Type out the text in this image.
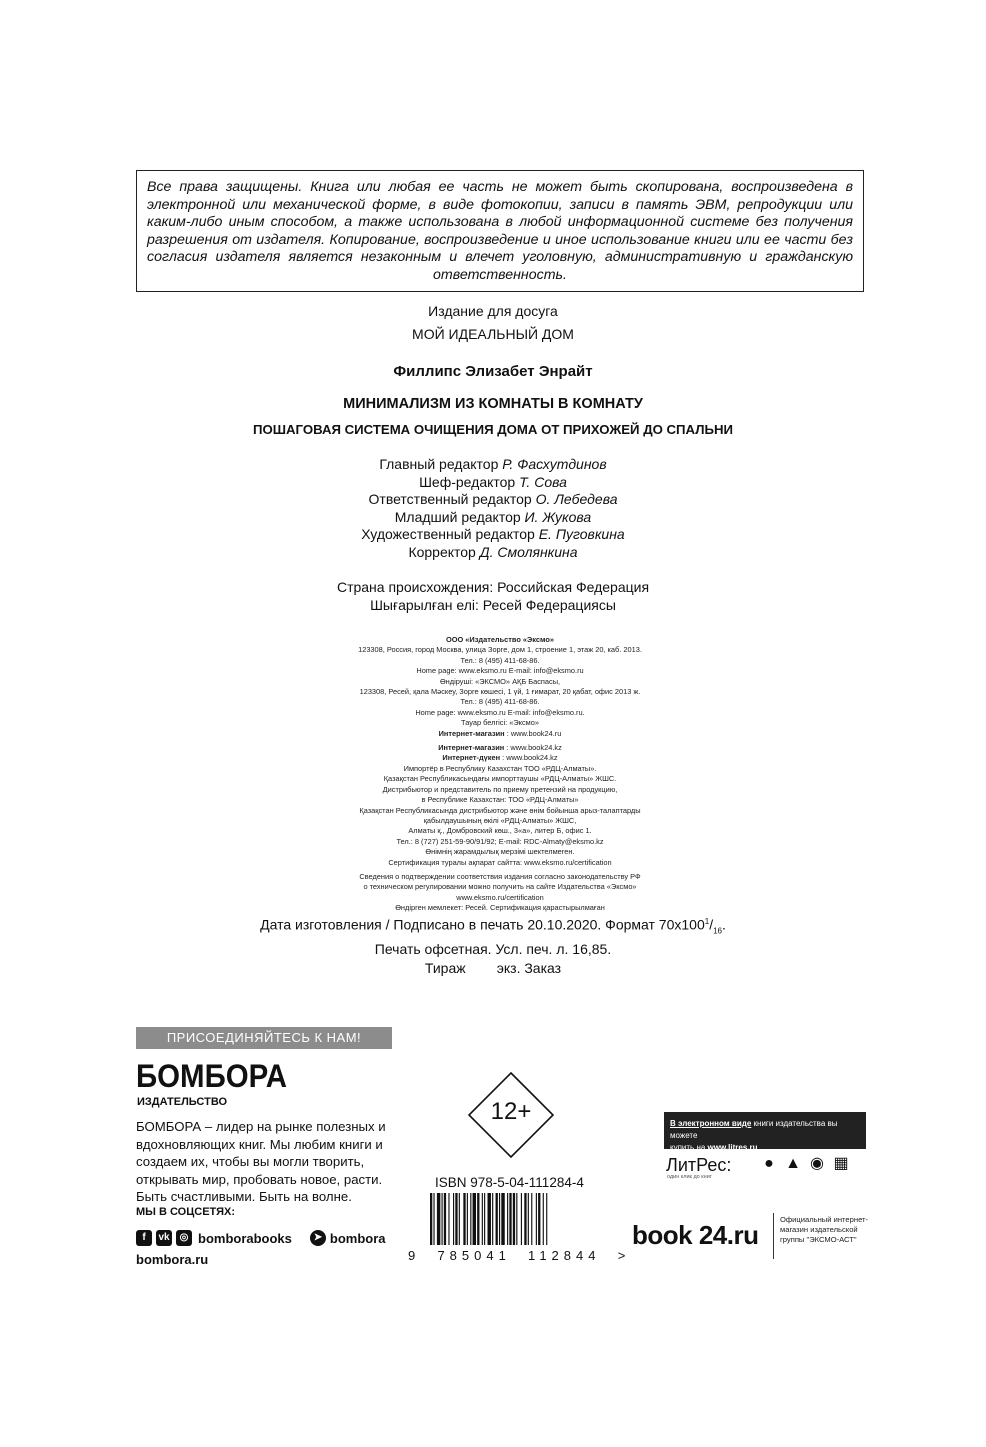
Все права защищены. Книга или любая ее часть не может быть скопирована, воспроизведена в электронной или механической форме, в виде фотокопии, записи в память ЭВМ, репродукции или каким-либо иным способом, а также использована в любой информационной системе без получения разрешения от издателя. Копирование, воспроизведение и иное использование книги или ее части без согласия издателя является незаконным и влечет уголовную, административную и гражданскую ответственность.
Издание для досуга
МОЙ ИДЕАЛЬНЫЙ ДОМ
Филлипс Элизабет Энрайт
МИНИМАЛИЗМ ИЗ КОМНАТЫ В КОМНАТУ
ПОШАГОВАЯ СИСТЕМА ОЧИЩЕНИЯ ДОМА ОТ ПРИХОЖЕЙ ДО СПАЛЬНИ
Главный редактор Р. Фасхутдинов
Шеф-редактор Т. Сова
Ответственный редактор О. Лебедева
Младший редактор И. Жукова
Художественный редактор Е. Пуговкина
Корректор Д. Смолянкина
Страна происхождения: Российская Федерация
Шығарылған елі: Ресей Федерациясы
ООО «Издательство «Эксмо»
123308, Россия, город Москва, улица Зорге, дом 1, строение 1, этаж 20, каб. 2013.
Тел.: 8 (495) 411-68-86.
Home page: www.eksmo.ru E-mail: info@eksmo.ru
Өндіруші: «ЭКСМО» АҚБ Баспасы,
123308, Ресей, қала Мәскеу, Зорге көшесі, 1 үй, 1 ғимарат, 20 қабат, офис 2013 ж.
Тел.: 8 (495) 411-68-86.
Home page: www.eksmo.ru E-mail: info@eksmo.ru.
Тауар белгісі: «Эксмо»
Интернет-магазин : www.book24.ru
Интернет-магазин : www.book24.kz
Интернет-дүкен : www.book24.kz
Импортёр в Республику Казахстан ТОО «РДЦ-Алматы».
Қазақстан Республикасындағы импорттаушы «РДЦ-Алматы» ЖШС.
Дистрибьютор и представитель по приему претензий на продукцию,
в Республике Казахстан: ТОО «РДЦ-Алматы»
Қазақстан Республикасында дистрибьютор және өнім бойынша арыз-талаптарды
қабылдаушының өкілі «РДЦ-Алматы» ЖШС,
Алматы қ., Домбровский көш., 3«а», литер Б, офис 1.
Тел.: 8 (727) 251-59-90/91/92; E-mail: RDC-Almaty@eksmo.kz
Өнімнің жарамдылық мерзімі шектелмеген.
Сертификация туралы ақпарат сайтта: www.eksmo.ru/certification
Сведения о подтверждении соответствия издания согласно законодательству РФ
о техническом регулировании можно получить на сайте Издательства «Эксмо»
www.eksmo.ru/certification
Өндірген мемлекет: Ресей. Сертификация қарастырылмаған
Дата изготовления / Подписано в печать 20.10.2020. Формат $70x100^1/_{16}$.
Печать офсетная. Усл. печ. л. 16,85.
Тираж        экз. Заказ
ПРИСОЕДИНЯЙТЕСЬ К НАМ!
БОМБОРА
ИЗДАТЕЛЬСТВО
БОМБОРА – лидер на рынке полезных и вдохновляющих книг. Мы любим книги и создаем их, чтобы вы могли творить, открывать мир, пробовать новое, расти. Быть счастливыми. Быть на волне.
МЫ В СОЦСЕТЯХ:
f	vk	◎ bomborabooks	➤ bombora
bombora.ru
12+
ISBN 978-5-04-111284-4
9  785041  112844  >
В электронном виде книги издательства вы можете
купить на www.litres.ru
ЛитРес:
один клик до книг
● ▲ ◉ ▦
book 24.ru
Официальный интернет-магазин издательской группы "ЭКСМО-АСТ"
